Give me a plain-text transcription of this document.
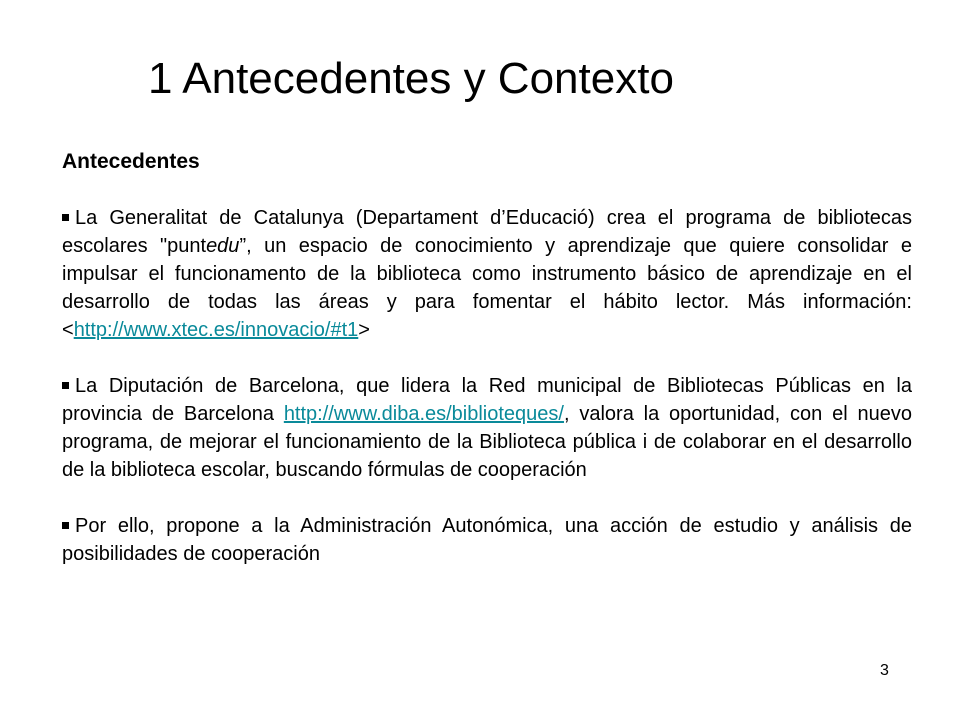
1 Antecedentes y Contexto

Antecedentes

La Generalitat de Catalunya (Departament d’Educació) crea el programa de bibliotecas escolares "puntedu”, un espacio de conocimiento y aprendizaje que quiere consolidar e impulsar el funcionamento de la biblioteca como instrumento básico de aprendizaje en el desarrollo de todas las áreas y para fomentar el hábito lector. Más información: <http://www.xtec.es/innovacio/#t1>

La Diputación de Barcelona, que lidera la Red municipal de Bibliotecas Públicas en la provincia de Barcelona http://www.diba.es/biblioteques/, valora la oportunidad, con el nuevo programa, de mejorar el funcionamiento de la Biblioteca pública i de colaborar en el desarrollo de la biblioteca escolar, buscando fórmulas de cooperación

Por ello, propone a la Administración Autonómica, una acción de estudio y análisis de posibilidades de cooperación

3
